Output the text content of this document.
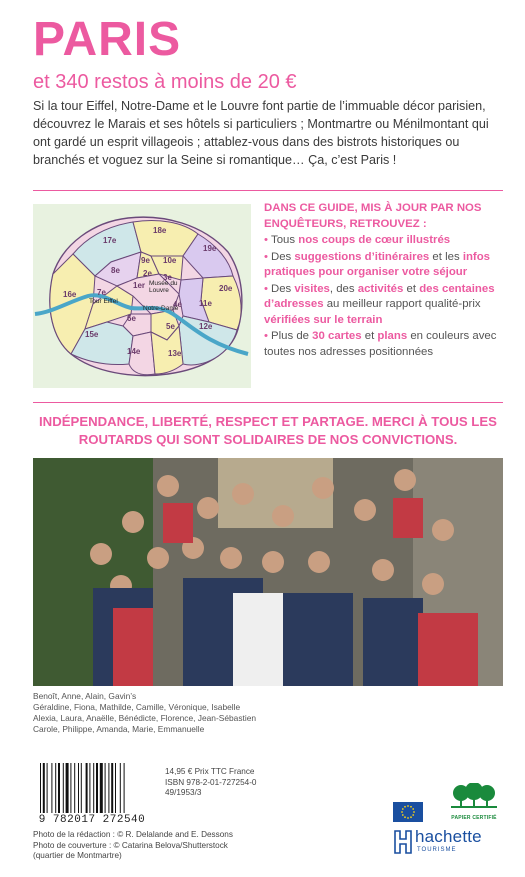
PARIS
et 340 restos à moins de 20 €

Si la tour Eiffel, Notre-Dame et le Louvre font partie de l’immuable décor parisien, découvrez le Marais et ses hôtels si particuliers ; Montmartre ou Ménilmontant qui ont gardé un esprit villageois ; attablez-vous dans des bistrots historiques ou branchés et voguez sur la Seine si romantique… Ça, c’est Paris !

17e
18e
19e
20e
16e
8e
9e 10e
2e 3e
1er
4e 11e
7e
6e
5e	12e
15e
14e	13e
Tour Eiffel
Musée du Louvre
Notre-Dame
DANS CE GUIDE, MIS À JOUR PAR NOS ENQUÊTEURS, RETROUVEZ :
• Tous nos coups de cœur illustrés
• Des suggestions d’itinéraires et les infos pratiques pour organiser votre séjour
• Des visites, des activités et des centaines d’adresses au meilleur rapport qualité-prix vérifiées sur le terrain
• Plus de 30 cartes et plans en couleurs avec toutes nos adresses positionnées
INDÉPENDANCE, LIBERTÉ, RESPECT ET PARTAGE. MERCI À TOUS LES ROUTARDS QUI SONT SOLIDAIRES DE NOS CONVICTIONS.
Benoît, Anne, Alain, Gavin’s
Géraldine, Fiona, Mathilde, Camille, Véronique, Isabelle
Alexia, Laura, Anaëlle, Bénédicte, Florence, Jean-Sébastien
Carole, Philippe, Amanda, Marie, Emmanuelle
9 782017 272540
14,95 € Prix TTC France
ISBN 978-2-01-727254-0
49/1953/3
Photo de la rédaction : © R. Delalande and E. Dessons
Photo de couverture : © Catarina Belova/Shutterstock
(quartier de Montmartre)
PAPIER CERTIFIÉ
hachette
TOURISME
